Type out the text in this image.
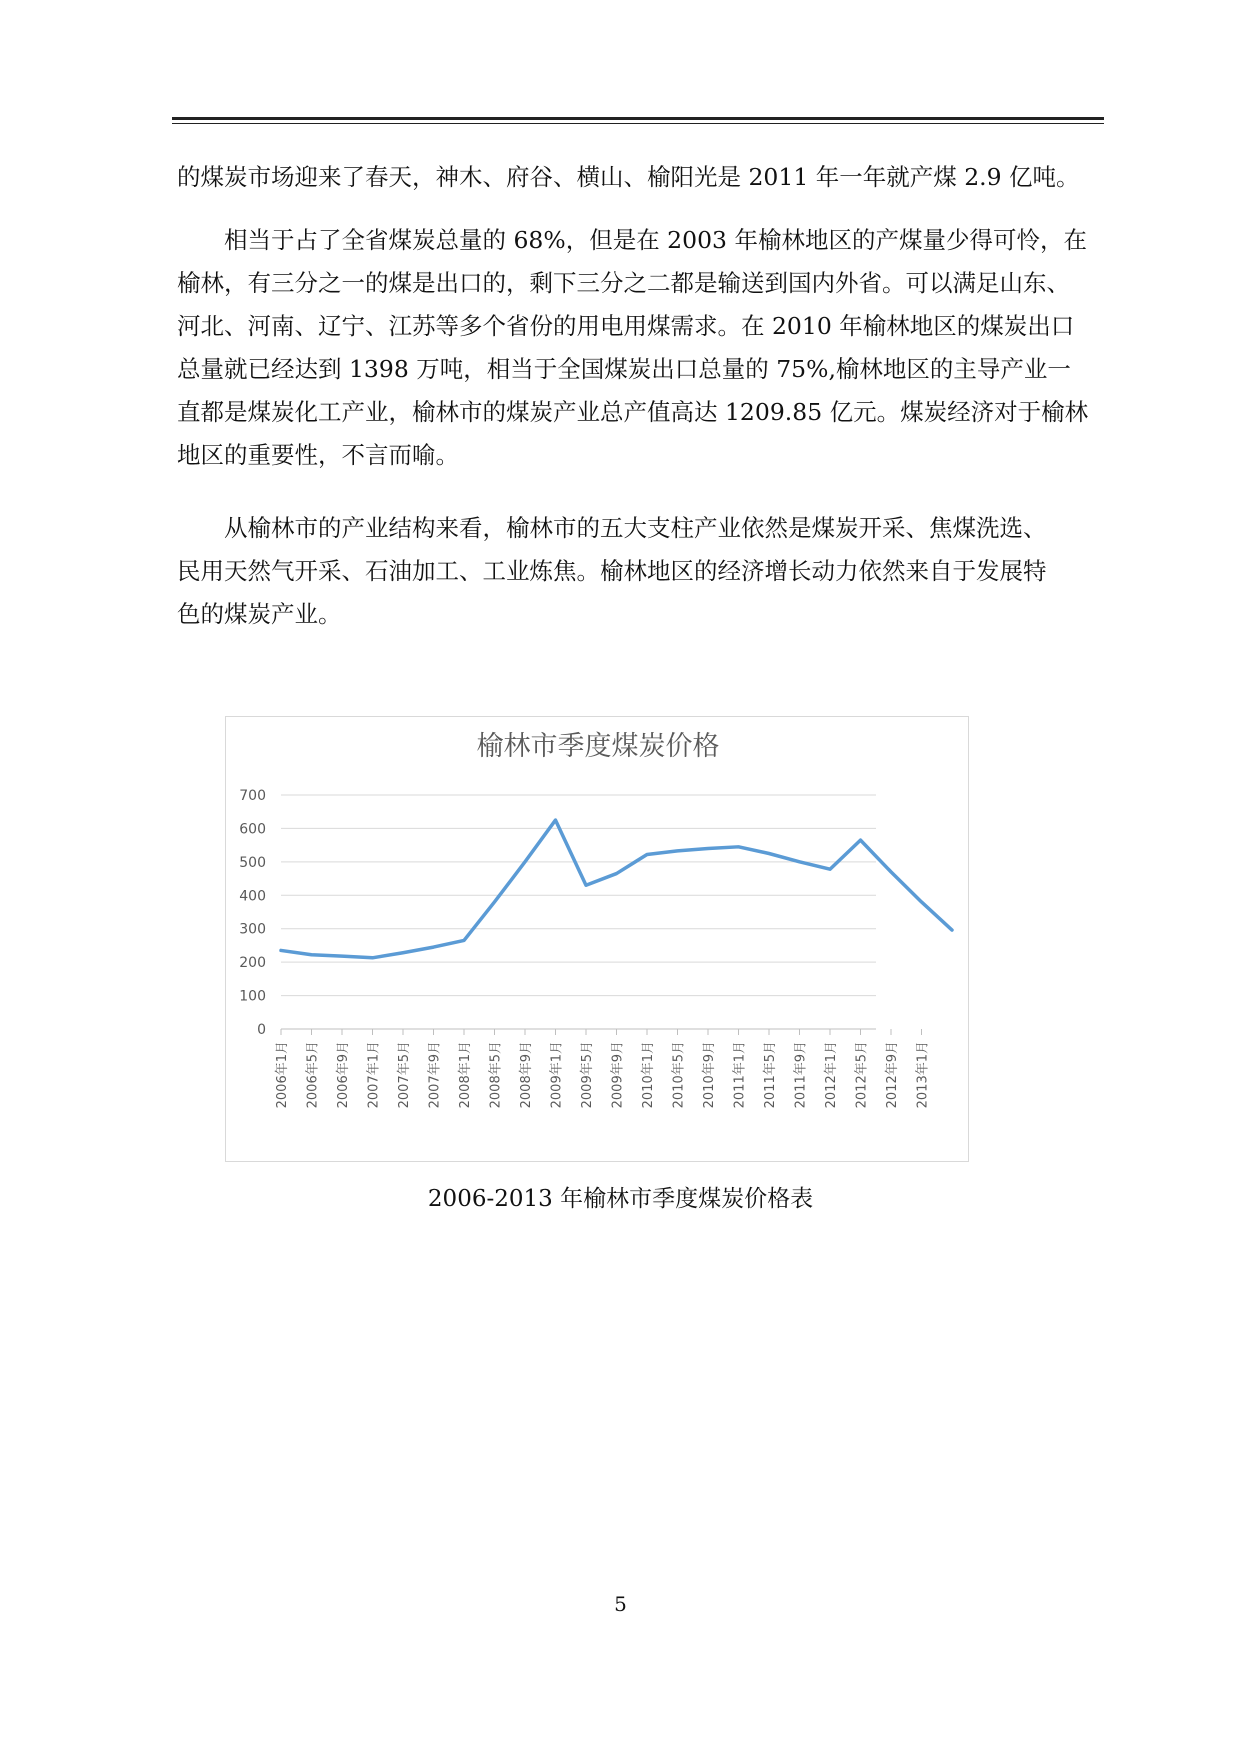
的煤炭市场迎来了春天，神木、府谷、横山、榆阳光是 2011 年一年就产煤 2.9 亿吨。

　　相当于占了全省煤炭总量的 68%，但是在 2003 年榆林地区的产煤量少得可怜，在
榆林，有三分之一的煤是出口的，剩下三分之二都是输送到国内外省。可以满足山东、
河北、河南、辽宁、江苏等多个省份的用电用煤需求。在 2010 年榆林地区的煤炭出口
总量就已经达到 1398 万吨，相当于全国煤炭出口总量的 75%,榆林地区的主导产业一
直都是煤炭化工产业，榆林市的煤炭产业总产值高达 1209.85 亿元。煤炭经济对于榆林
地区的重要性，不言而喻。

　　从榆林市的产业结构来看，榆林市的五大支柱产业依然是煤炭开采、焦煤洗选、
民用天然气开采、石油加工、工业炼焦。榆林地区的经济增长动力依然来自于发展特
色的煤炭产业。

榆林市季度煤炭价格
0
100
200
300
400
500
600
700
2006年1月 2006年5月 2006年9月 2007年1月 2007年5月 2007年9月 2008年1月 2008年5月 2008年9月 2009年1月 2009年5月 2009年9月 2010年1月 2010年5月 2010年9月 2011年1月 2011年5月 2011年9月 2012年1月 2012年5月 2012年9月 2013年1月
2006-2013 年榆林市季度煤炭价格表
5
